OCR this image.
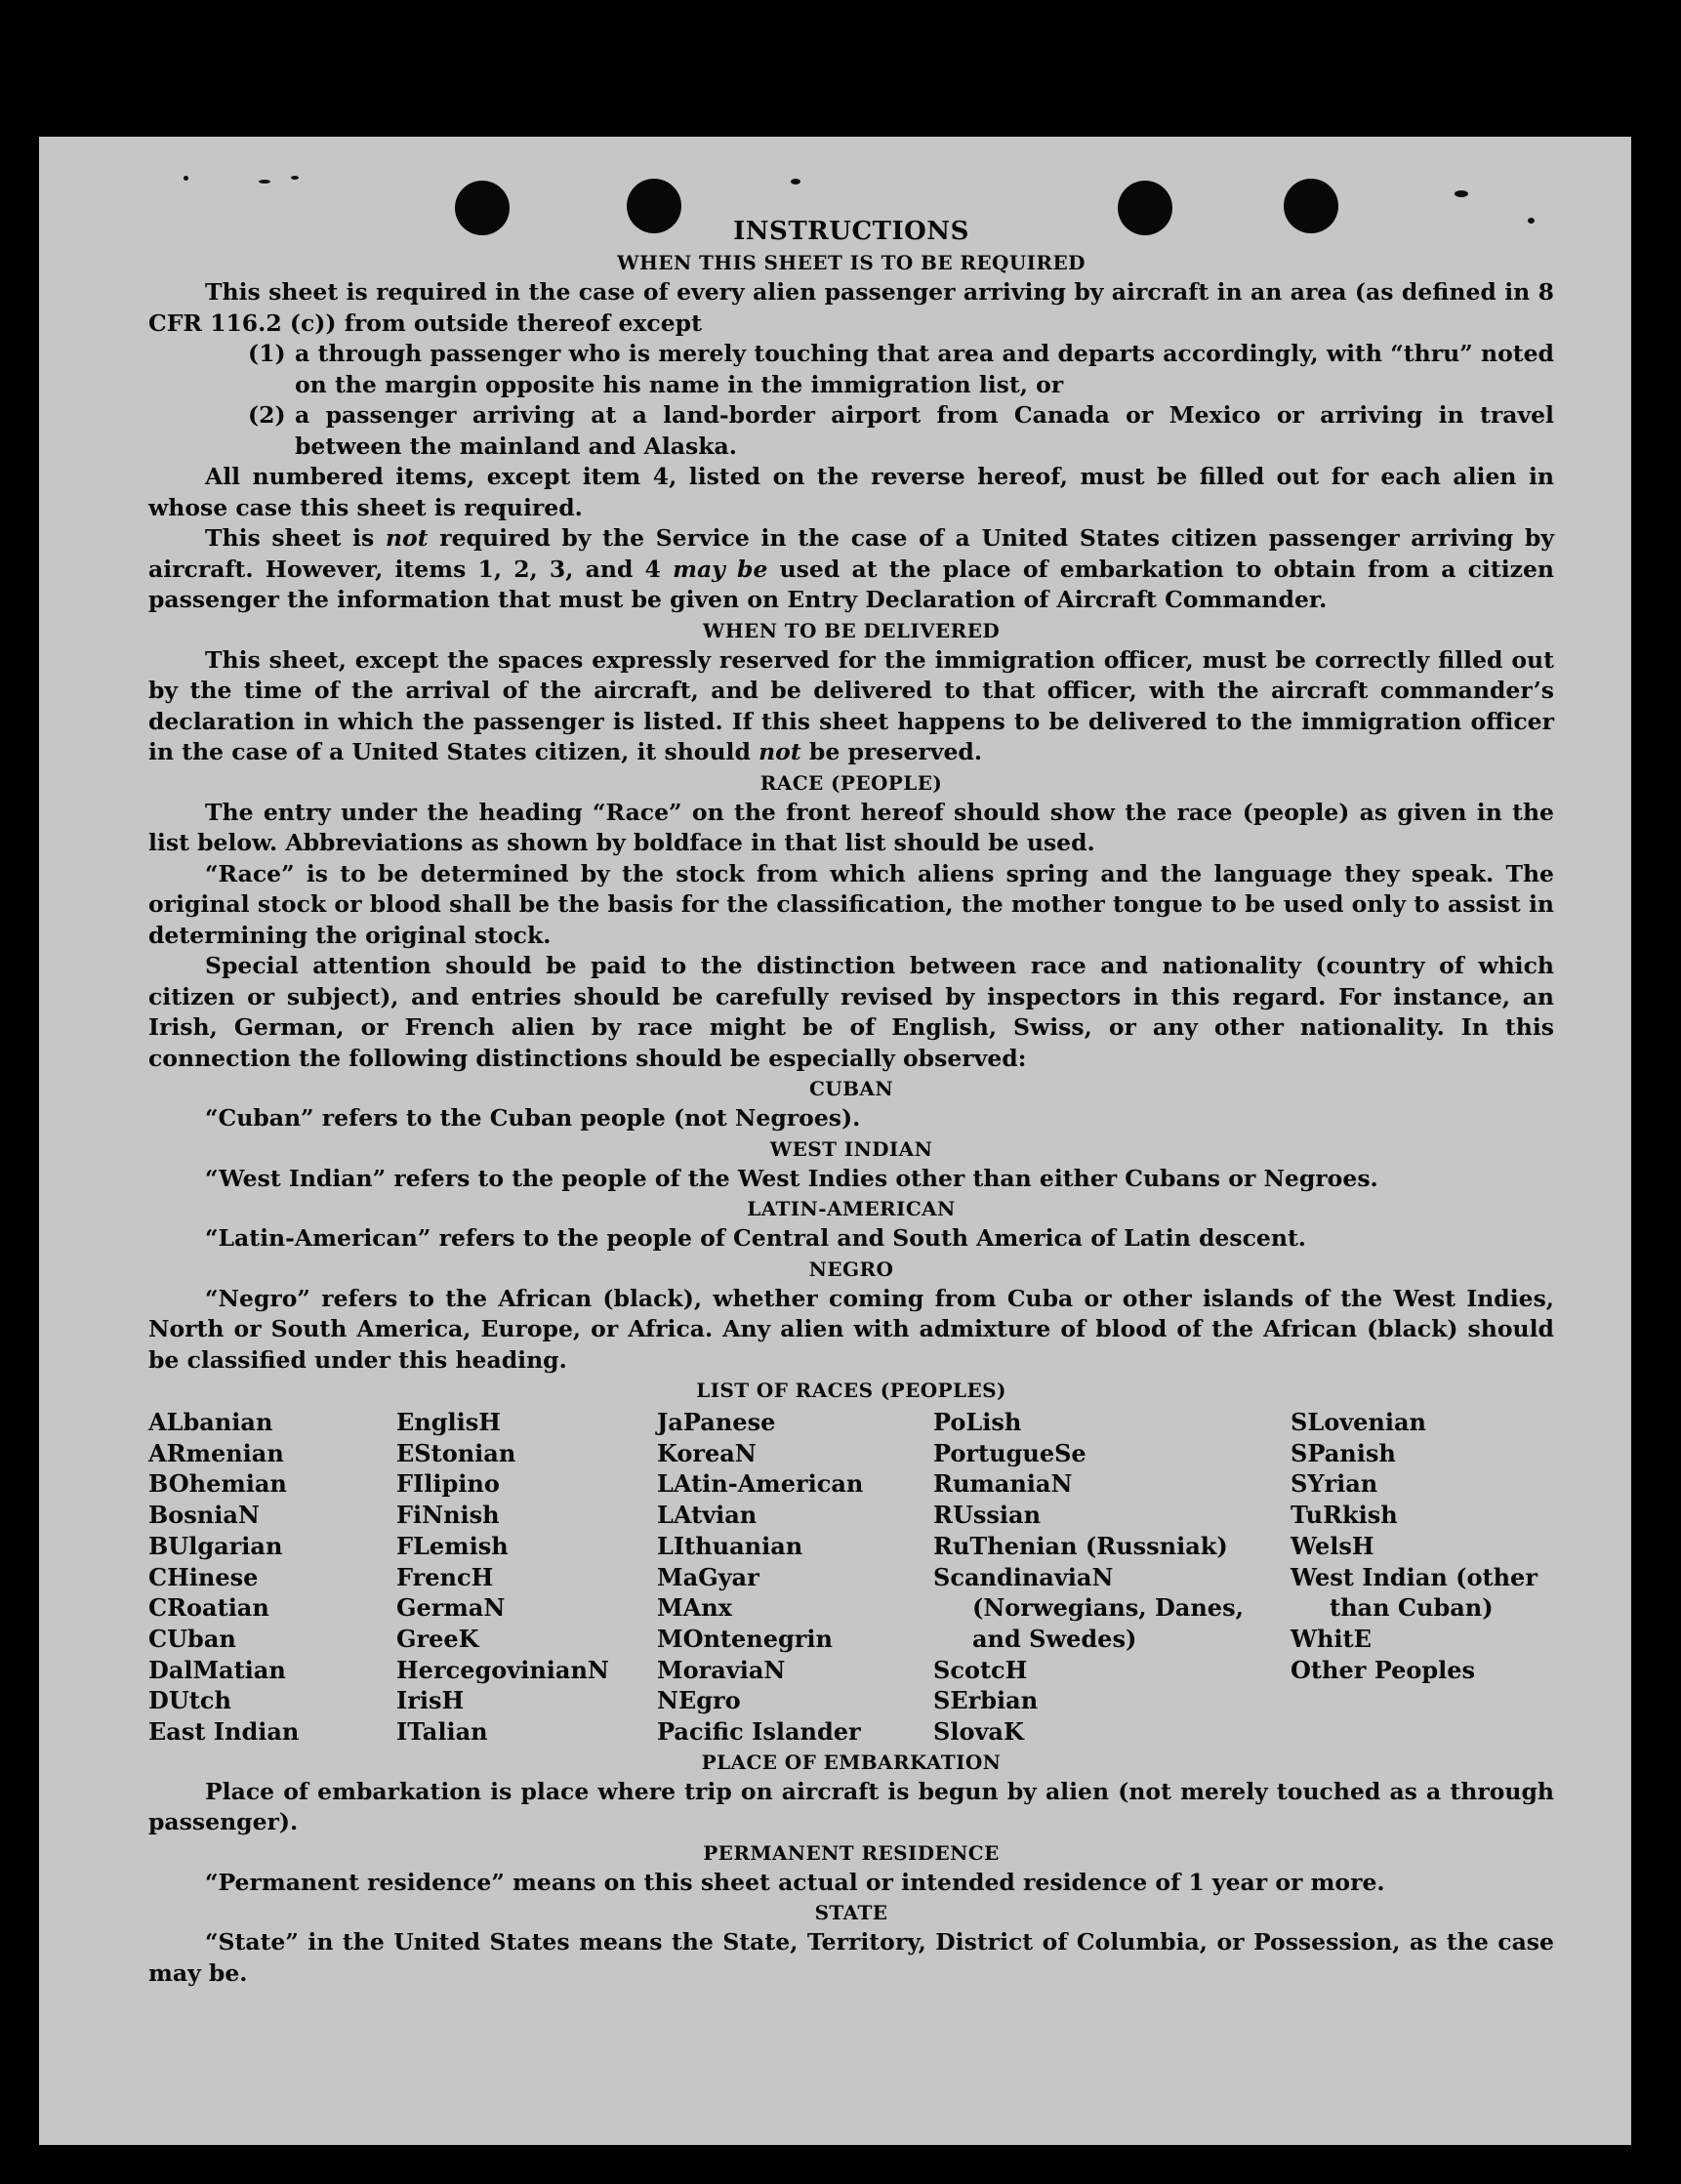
INSTRUCTIONS

WHEN THIS SHEET IS TO BE REQUIRED

This sheet is required in the case of every alien passenger arriving by aircraft in an area (as defined in 8 CFR 116.2 (c)) from outside thereof except

(1) a through passenger who is merely touching that area and departs accordingly, with “thru” noted on the margin opposite his name in the immigration list, or
(2) a passenger arriving at a land-border airport from Canada or Mexico or arriving in travel between the mainland and Alaska.

All numbered items, except item 4, listed on the reverse hereof, must be filled out for each alien in whose case this sheet is required.

This sheet is not required by the Service in the case of a United States citizen passenger arriving by aircraft. However, items 1, 2, 3, and 4 may be used at the place of embarkation to obtain from a citizen passenger the information that must be given on Entry Declaration of Aircraft Commander.

WHEN TO BE DELIVERED

This sheet, except the spaces expressly reserved for the immigration officer, must be correctly filled out by the time of the arrival of the aircraft, and be delivered to that officer, with the aircraft commander’s declaration in which the passenger is listed. If this sheet happens to be delivered to the immigration officer in the case of a United States citizen, it should not be preserved.

RACE (PEOPLE)

The entry under the heading “Race” on the front hereof should show the race (people) as given in the list below. Abbreviations as shown by boldface in that list should be used.

“Race” is to be determined by the stock from which aliens spring and the language they speak. The original stock or blood shall be the basis for the classification, the mother tongue to be used only to assist in determining the original stock.

Special attention should be paid to the distinction between race and nationality (country of which citizen or subject), and entries should be carefully revised by inspectors in this regard. For instance, an Irish, German, or French alien by race might be of English, Swiss, or any other nationality. In this connection the following distinctions should be especially observed:

CUBAN

“Cuban” refers to the Cuban people (not Negroes).

WEST INDIAN

“West Indian” refers to the people of the West Indies other than either Cubans or Negroes.

LATIN-AMERICAN

“Latin-American” refers to the people of Central and South America of Latin descent.

NEGRO

“Negro” refers to the African (black), whether coming from Cuba or other islands of the West Indies, North or South America, Europe, or Africa. Any alien with admixture of blood of the African (black) should be classified under this heading.

LIST OF RACES (PEOPLES)

ALbanian
ARmenian
BOhemian
BosniaN
BUlgarian
CHinese
CRoatian
CUban
DalMatian
DUtch
East Indian
EnglisH
EStonian
FIlipino
FiNnish
FLemish
FrencH
GermaN
GreeK
HercegovinianN
IrisH
ITalian
JaPanese
KoreaN
LAtin-American
LAtvian
LIthuanian
MaGyar
MAnx
MOntenegrin
MoraviaN
NEgro
Pacific Islander
PoLish
PortugueSe
RumaniaN
RUssian
RuThenian (Russniak)
ScandinaviaN (Norwegians, Danes, and Swedes)
ScotcH
SErbian
SlovaK
SLovenian
SPanish
SYrian
TuRkish
WelsH
West Indian (other than Cuban)
WhitE
Other Peoples

PLACE OF EMBARKATION

Place of embarkation is place where trip on aircraft is begun by alien (not merely touched as a through passenger).

PERMANENT RESIDENCE

“Permanent residence” means on this sheet actual or intended residence of 1 year or more.

STATE

“State” in the United States means the State, Territory, District of Columbia, or Possession, as the case may be.
